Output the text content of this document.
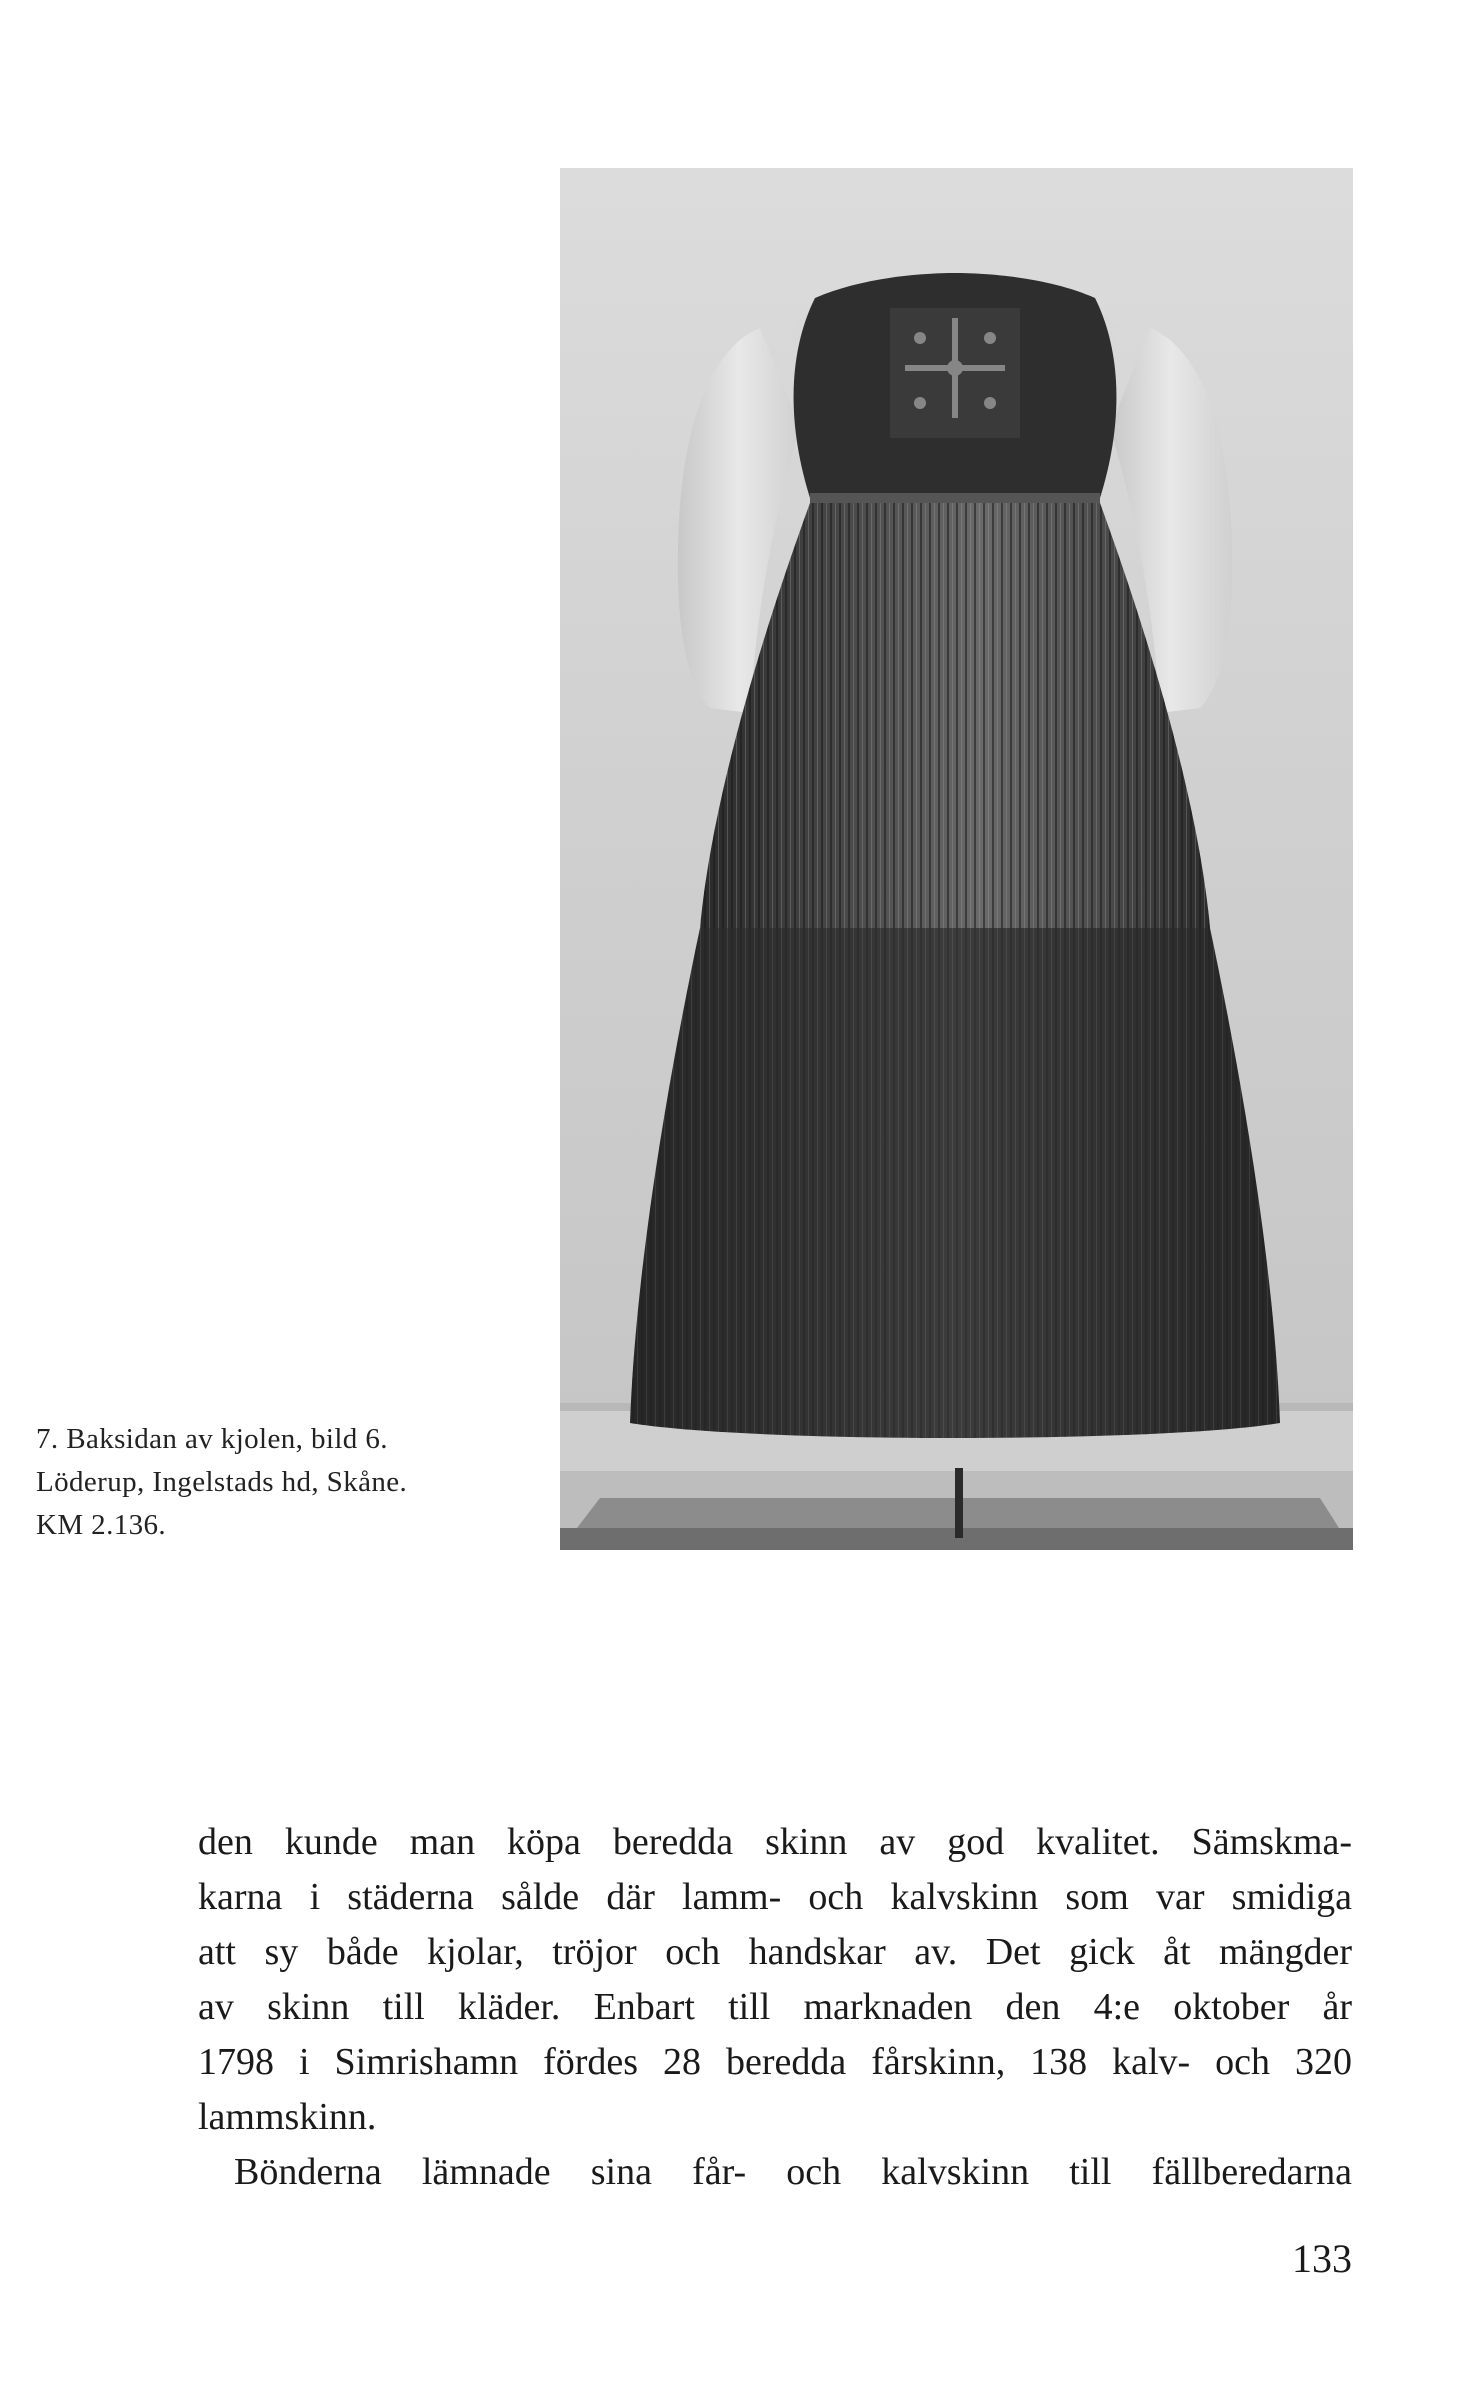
7. Baksidan av kjolen, bild 6.
Löderup, Ingelstads hd, Skåne.
KM 2.136.
den kunde man köpa beredda skinn av god kvalitet. Sämskma-
karna i städerna sålde där lamm- och kalvskinn som var smidiga
att sy både kjolar, tröjor och handskar av. Det gick åt mängder
av skinn till kläder. Enbart till marknaden den 4:e oktober år
1798 i Simrishamn fördes 28 beredda fårskinn, 138 kalv- och 320
lammskinn.
Bönderna lämnade sina får- och kalvskinn till fällberedarna
133
